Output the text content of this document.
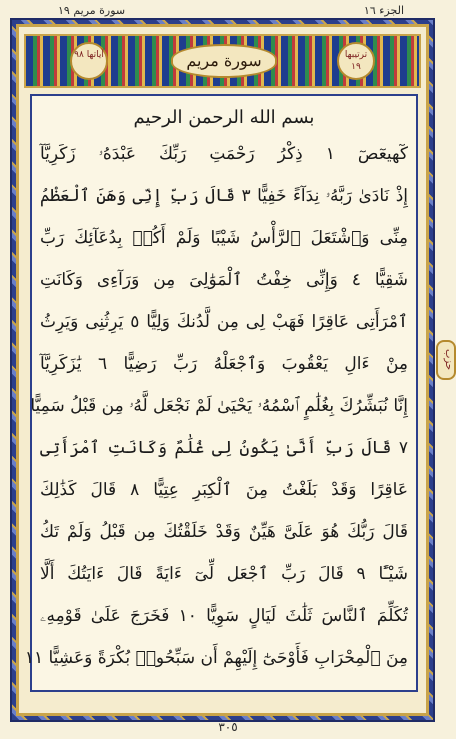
الجزء ١٦
سورة مريم ١٩
آياتها ٩٨	سورة مريم	ترتيبها ١٩
بسم الله الرحمن الرحيم
كٓهيعٓصٓ ١ ذِكْرُ رَحْمَتِ رَبِّكَ عَبْدَهُۥ زَكَرِيَّآ
إِذْ نَادَىٰ رَبَّهُۥ نِدَآءً خَفِيًّا ٣ قَالَ رَبِّ إِنِّى وَهَنَ ٱلْعَظْمُ
مِنِّى وَٱشْتَعَلَ ٱلرَّأْسُ شَيْبًا وَلَمْ أَكُنۢ بِدُعَآئِكَ رَبِّ
شَقِيًّا ٤ وَإِنِّى خِفْتُ ٱلْمَوَٰلِىَ مِن وَرَآءِى وَكَانَتِ
ٱمْرَأَتِى عَاقِرًا فَهَبْ لِى مِن لَّدُنكَ وَلِيًّا ٥ يَرِثُنِى وَيَرِثُ
مِنْ ءَالِ يَعْقُوبَ وَٱجْعَلْهُ رَبِّ رَضِيًّا ٦ يَٰزَكَرِيَّآ
إِنَّا نُبَشِّرُكَ بِغُلَٰمٍ ٱسْمُهُۥ يَحْيَىٰ لَمْ نَجْعَل لَّهُۥ مِن قَبْلُ سَمِيًّا
٧ قَالَ رَبِّ أَنَّىٰ يَكُونُ لِى غُلَٰمٌ وَكَانَتِ ٱمْرَأَتِى
عَاقِرًا وَقَدْ بَلَغْتُ مِنَ ٱلْكِبَرِ عِتِيًّا ٨ قَالَ كَذَٰلِكَ
قَالَ رَبُّكَ هُوَ عَلَىَّ هَيِّنٌ وَقَدْ خَلَقْتُكَ مِن قَبْلُ وَلَمْ تَكُ
شَيْـًٔا ٩ قَالَ رَبِّ ٱجْعَل لِّىٓ ءَايَةً قَالَ ءَايَتُكَ أَلَّا
تُكَلِّمَ ٱلنَّاسَ ثَلَٰثَ لَيَالٍ سَوِيًّا ١٠ فَخَرَجَ عَلَىٰ قَوْمِهِۦ
مِنَ ٱلْمِحْرَابِ فَأَوْحَىٰٓ إِلَيْهِمْ أَن سَبِّحُوا۟ بُكْرَةً وَعَشِيًّا ١١
حزب
٣٠٥
